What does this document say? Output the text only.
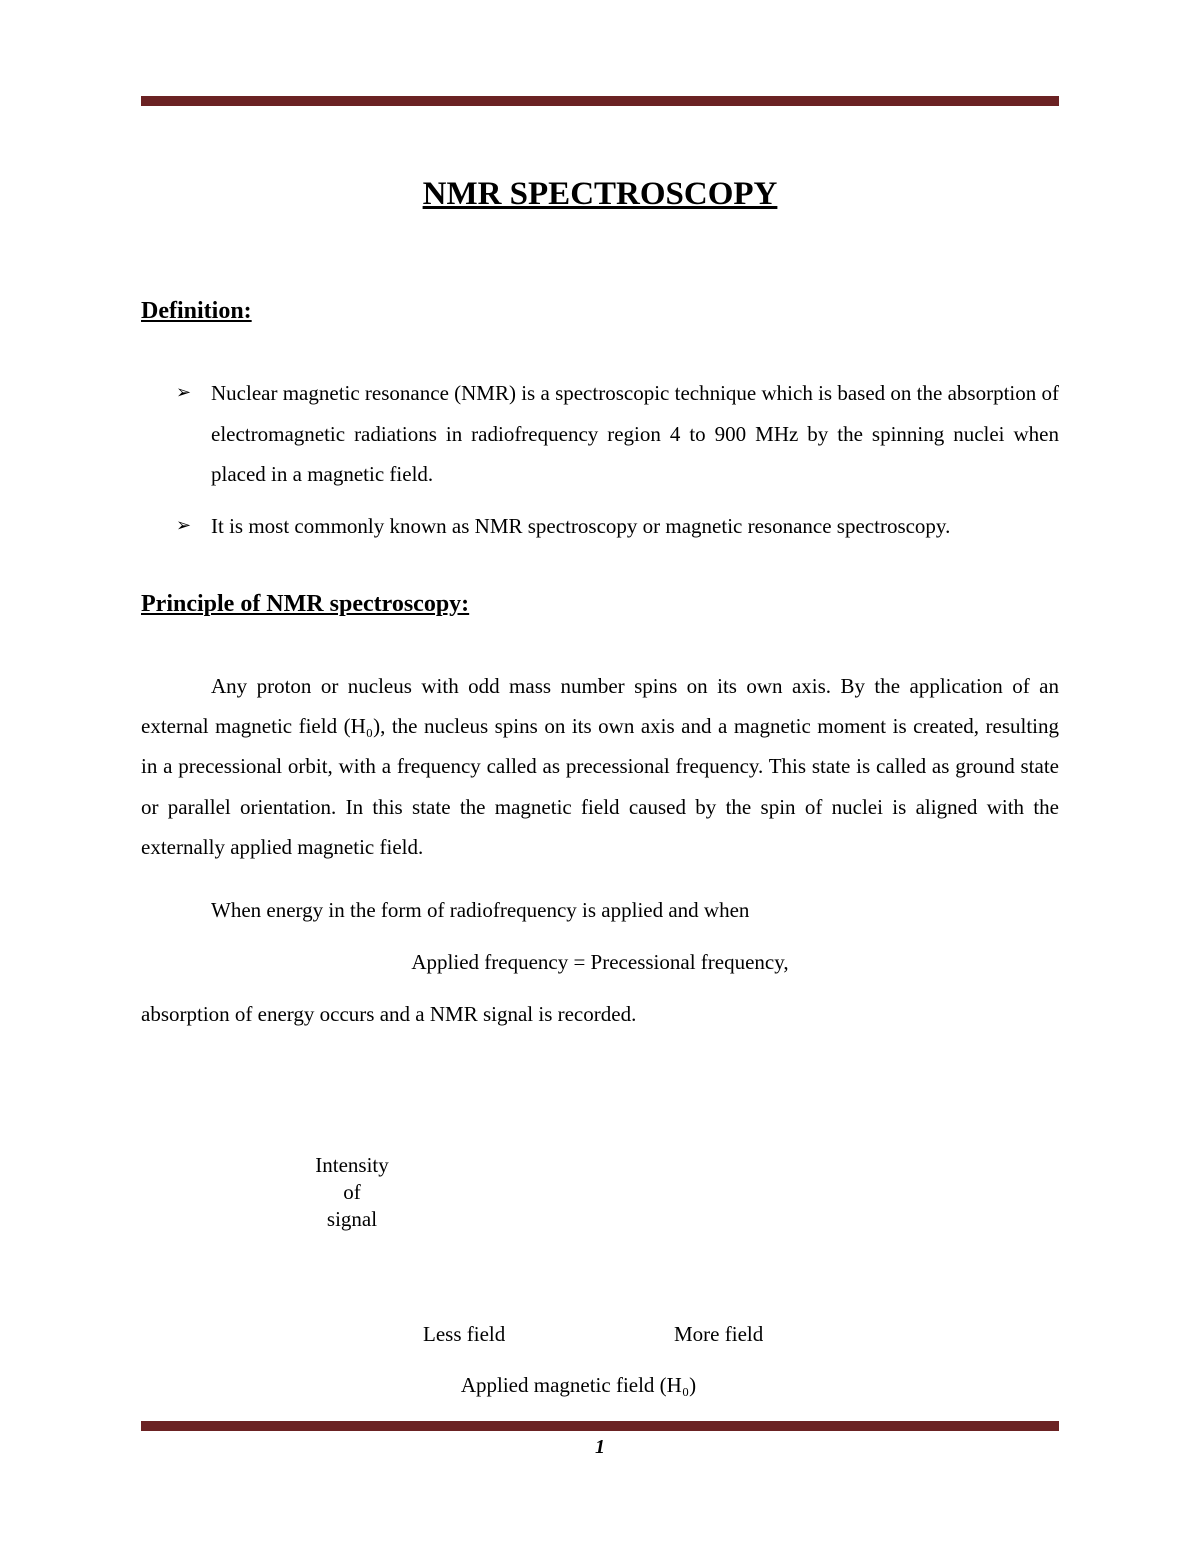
NMR SPECTROSCOPY
Definition:
➢ Nuclear magnetic resonance (NMR) is a spectroscopic technique which is based on the absorption of electromagnetic radiations in radiofrequency region 4 to 900 MHz by the spinning nuclei when placed in a magnetic field.
➢ It is most commonly known as NMR spectroscopy or magnetic resonance spectroscopy.
Principle of NMR spectroscopy:
Any proton or nucleus with odd mass number spins on its own axis. By the application of an external magnetic field (H₀), the nucleus spins on its own axis and a magnetic moment is created, resulting in a precessional orbit, with a frequency called as precessional frequency. This state is called as ground state or parallel orientation. In this state the magnetic field caused by the spin of nuclei is aligned with the externally applied magnetic field.
When energy in the form of radiofrequency is applied and when
Applied frequency = Precessional frequency,
absorption of energy occurs and a NMR signal is recorded.
Intensity
of
signal
Less field	More field
Applied magnetic field (H₀)
1
